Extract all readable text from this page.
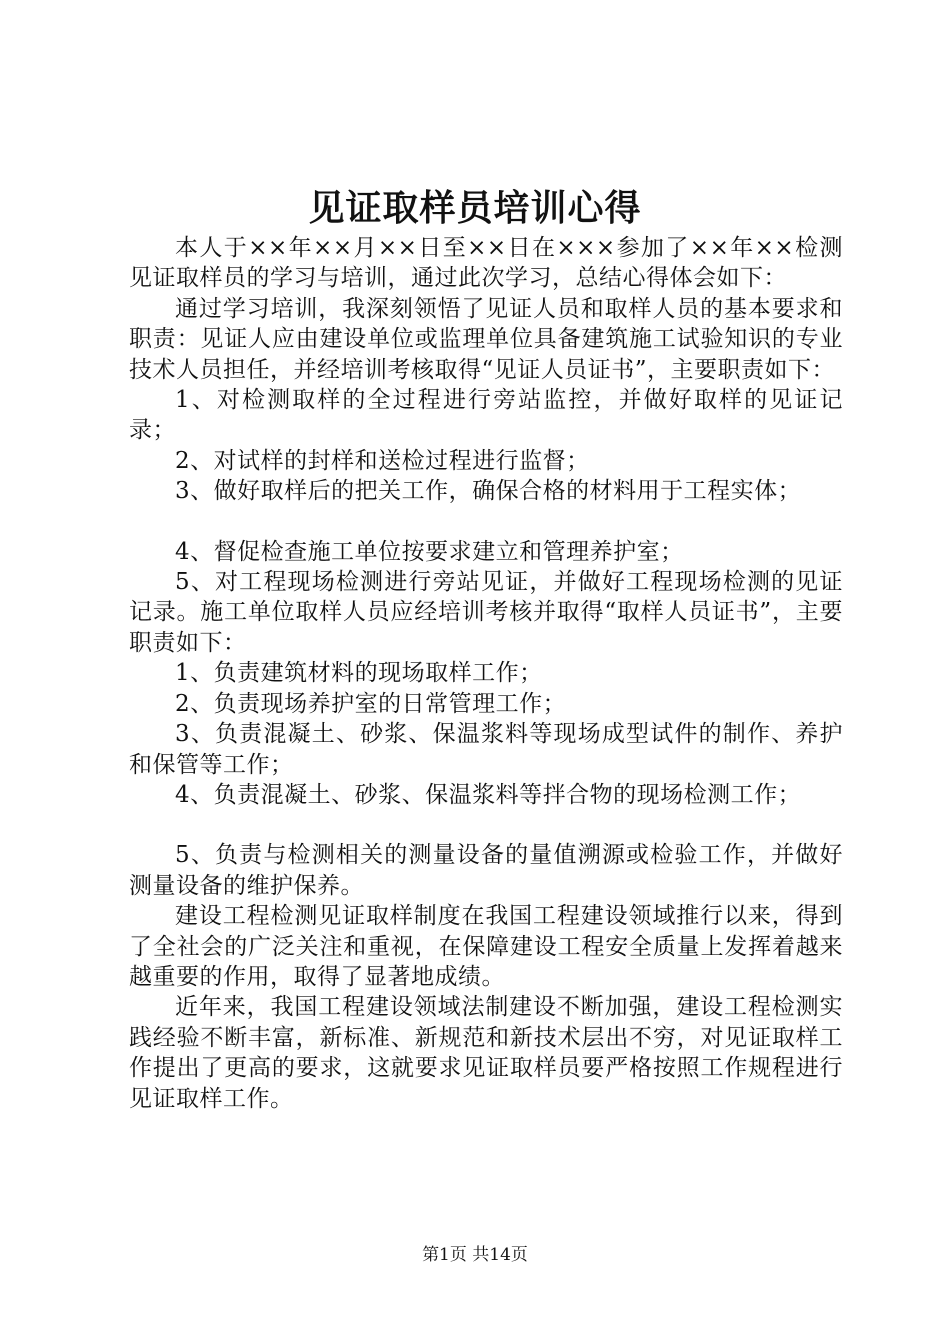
见证取样员培训心得

本人于××年××月××日至××日在×××参加了××年××检测见证取样员的学习与培训，通过此次学习，总结心得体会如下：

通过学习培训，我深刻领悟了见证人员和取样人员的基本要求和职责：见证人应由建设单位或监理单位具备建筑施工试验知识的专业技术人员担任，并经培训考核取得“见证人员证书”，主要职责如下：

1、对检测取样的全过程进行旁站监控，并做好取样的见证记录；

2、对试样的封样和送检过程进行监督；

3、做好取样后的把关工作，确保合格的材料用于工程实体；

4、督促检查施工单位按要求建立和管理养护室；

5、对工程现场检测进行旁站见证，并做好工程现场检测的见证记录。施工单位取样人员应经培训考核并取得“取样人员证书”，主要职责如下：

1、负责建筑材料的现场取样工作；

2、负责现场养护室的日常管理工作；

3、负责混凝土、砂浆、保温浆料等现场成型试件的制作、养护和保管等工作；

4、负责混凝土、砂浆、保温浆料等拌合物的现场检测工作；

5、负责与检测相关的测量设备的量值溯源或检验工作，并做好测量设备的维护保养。

建设工程检测见证取样制度在我国工程建设领域推行以来，得到了全社会的广泛关注和重视，在保障建设工程安全质量上发挥着越来越重要的作用，取得了显著地成绩。

近年来，我国工程建设领域法制建设不断加强，建设工程检测实践经验不断丰富，新标准、新规范和新技术层出不穷，对见证取样工作提出了更高的要求，这就要求见证取样员要严格按照工作规程进行见证取样工作。

第1页 共14页
